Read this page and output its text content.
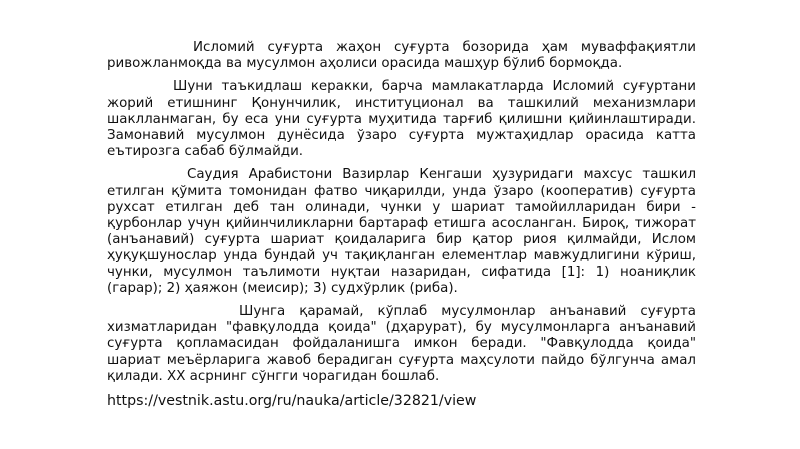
Исломий суғурта жаҳон суғурта бозорида ҳам муваффақиятли ривожланмоқда ва мусулмон аҳолиси орасида машҳур бўлиб бормоқда.

Шуни таъкидлаш керакки, барча мамлакатларда Исломий суғуртани жорий етишнинг Қонунчилик, институционал ва ташкилий механизмлари шаклланмаган, бу еса уни суғурта муҳитида тарғиб қилишни қийинлаштиради. Замонавий мусулмон дунёсида ўзаро суғурта мужтаҳидлар орасида катта еътирозга сабаб бўлмайди.

Саудия Арабистони Вазирлар Кенгаши ҳузуридаги махсус ташкил етилган қўмита томонидан фатво чиқарилди, унда ўзаро (кооператив) суғурта рухсат етилган деб тан олинади, чунки у шариат тамойилларидан бири - қурбонлар учун қийинчиликларни бартараф етишга асосланган. Бироқ, тижорат (анъанавий) суғурта шариат қоидаларига бир қатор риоя қилмайди, Ислом ҳуқуқшунослар унда бундай уч тақиқланган елементлар мавжудлигини кўриш, чунки, мусулмон таълимоти нуқтаи назаридан, сифатида [1]: 1) ноаниқлик (гарар); 2) ҳаяжон (меисир); 3) судхўрлик (риба).

Шунга қарамай, кўплаб мусулмонлар анъанавий суғурта хизматларидан "фавқулодда қоида" (дҳарурат), бу мусулмонларга анъанавий суғурта қопламасидан фойдаланишга имкон беради. "Фавқулодда қоида" шариат меъёрларига жавоб берадиган суғурта маҳсулоти пайдо бўлгунча амал қилади. XX асрнинг сўнгги чорагидан бошлаб.

https://vestnik.astu.org/ru/nauka/article/32821/view
